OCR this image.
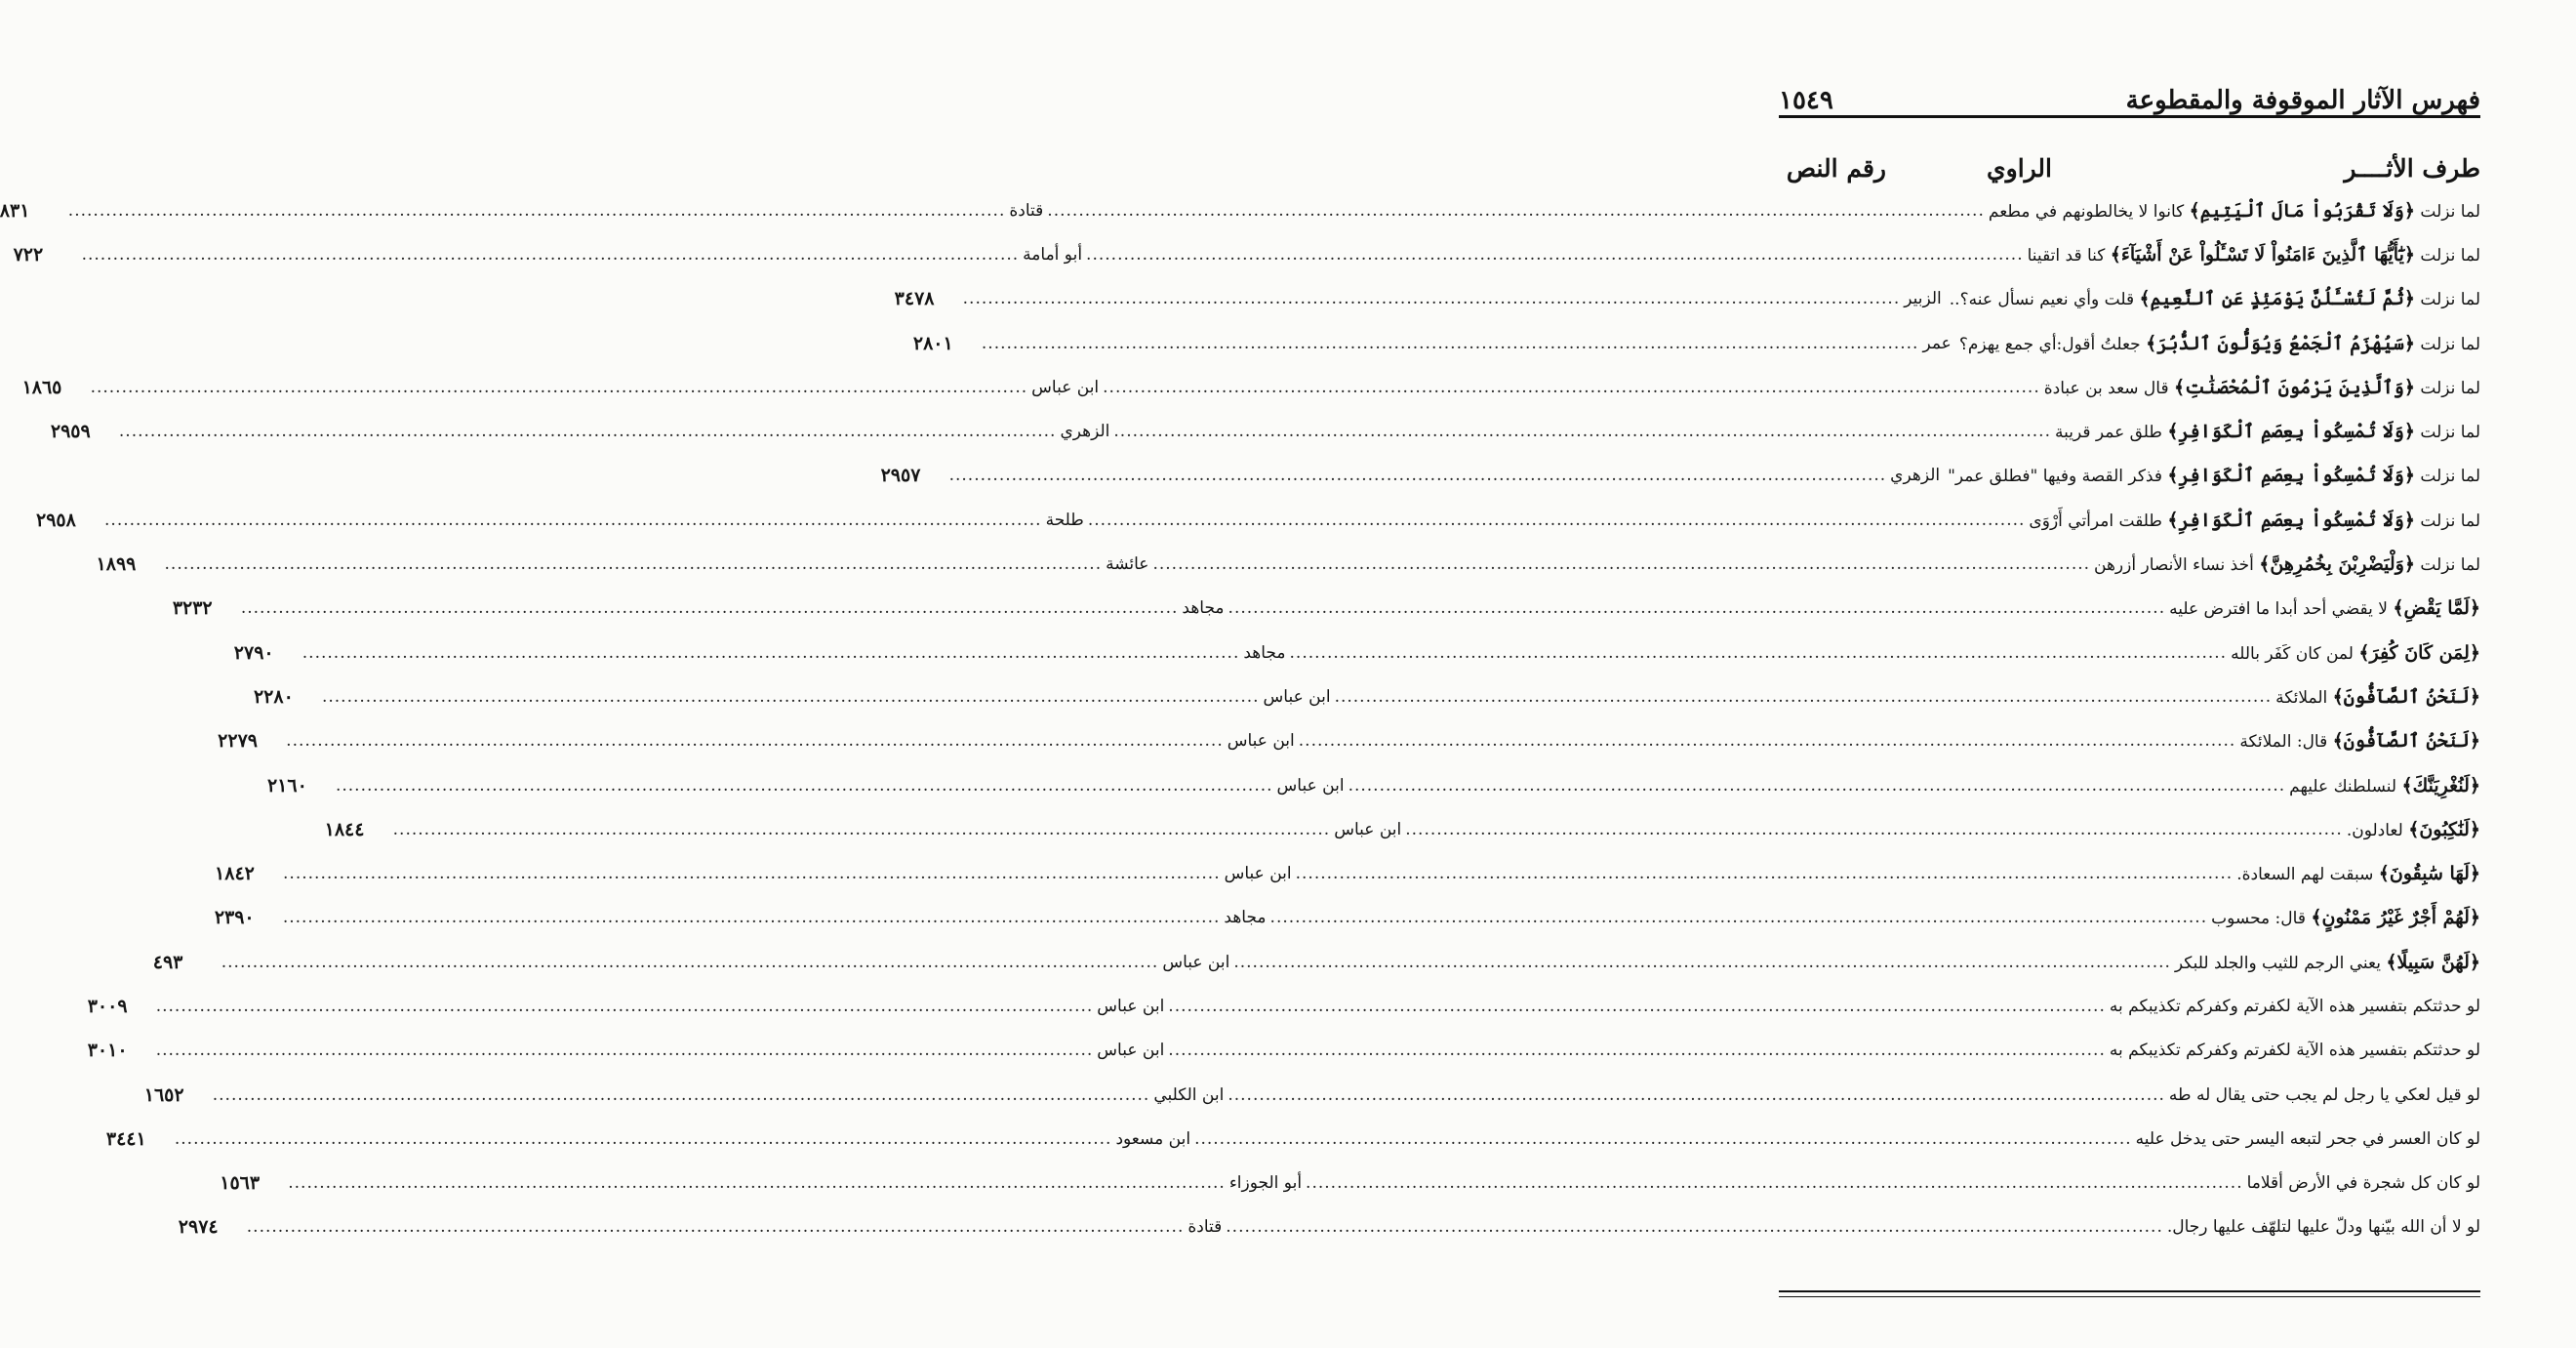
فهرس الآثار الموقوفة والمقطوعة
١٥٤٩
طرف الأثــــر
الراوي
رقم النص
لما نزلت ﴿وَلَا تَقْرَبُواْ مَالَ ٱلْيَتِيمِ﴾ كانوا لا يخالطونهم في مطعم
.....
قتادة
.....
٨٣١
لما نزلت ﴿يَٰٓأَيُّهَا ٱلَّذِينَ ءَامَنُواْ لَا تَسْـَٔلُواْ عَنْ أَشْيَآءَ﴾ كنا قد اتقينا
.....
أبو أمامة
.....
٧٢٢
لما نزلت ﴿ثُمَّ لَتُسْـَٔلُنَّ يَوْمَئِذٍ عَنِ ٱلنَّعِيمِ﴾ قلت وأي نعيم نسأل عنه؟..
الزبير
.....
٣٤٧٨
لما نزلت ﴿سَيُهْزَمُ ٱلْجَمْعُ وَيُوَلُّونَ ٱلدُّبُرَ﴾ جعلتُ أقول:أي جمع يهزم؟
عمر
.....
٢٨٠١
لما نزلت ﴿وَٱلَّذِينَ يَرْمُونَ ٱلْمُحْصَنَٰتِ﴾ قال سعد بن عبادة
.....
ابن عباس
.....
١٨٦٥
لما نزلت ﴿وَلَا تُمْسِكُواْ بِعِصَمِ ٱلْكَوَافِرِ﴾ طلق عمر قريبة
.....
الزهري
.....
٢٩٥٩
لما نزلت ﴿وَلَا تُمْسِكُواْ بِعِصَمِ ٱلْكَوَافِرِ﴾ فذكر القصة وفيها "فطلق عمر"
الزهري
.....
٢٩٥٧
لما نزلت ﴿وَلَا تُمْسِكُواْ بِعِصَمِ ٱلْكَوَافِرِ﴾ طلقت امرأتي أَرْوَى
.....
طلحة
.....
٢٩٥٨
لما نزلت ﴿وَلْيَضْرِبْنَ بِخُمُرِهِنَّ﴾ أخذ نساء الأنصار أزرهن
.....
عائشة
.....
١٨٩٩
﴿لَمَّا يَقْضِ﴾ لا يقضي أحد أبدا ما افترض عليه
.....
مجاهد
.....
٣٢٣٢
﴿لِمَن كَانَ كُفِرَ﴾ لمن كان كَفَر بالله
.....
مجاهد
.....
٢٧٩٠
﴿لَنَحْنُ ٱلصَّآفُّونَ﴾ الملائكة
.....
ابن عباس
.....
٢٢٨٠
﴿لَنَحْنُ ٱلصَّآفُّونَ﴾ قال: الملائكة
.....
ابن عباس
.....
٢٢٧٩
﴿لَنُغْرِيَنَّكَ﴾ لنسلطنك عليهم
.....
ابن عباس
.....
٢١٦٠
﴿لَنَٰكِبُونَ﴾ لعادلون.
.....
ابن عباس
.....
١٨٤٤
﴿لَهَا سَٰبِقُونَ﴾ سبقت لهم السعادة.
.....
ابن عباس
.....
١٨٤٢
﴿لَهُمْ أَجْرٌ غَيْرُ مَمْنُونٍ﴾ قال: محسوب
.....
مجاهد
.....
٢٣٩٠
﴿لَهُنَّ سَبِيلًا﴾ يعني الرجم للثيب والجلد للبكر
.....
ابن عباس
.....
٤٩٣
لو حدثتكم بتفسير هذه الآية لكفرتم وكفركم تكذيبكم به
.....
ابن عباس
.....
٣٠٠٩
لو حدثتكم بتفسير هذه الآية لكفرتم وكفركم تكذيبكم به
.....
ابن عباس
.....
٣٠١٠
لو قيل لعكي يا رجل لم يجب حتى يقال له طه
.....
ابن الكلبي
.....
١٦٥٢
لو كان العسر في جحر لتبعه اليسر حتى يدخل عليه
.....
ابن مسعود
.....
٣٤٤١
لو كان كل شجرة في الأرض أقلاما
.....
أبو الجوزاء
.....
١٥٦٣
لو لا أن الله بيّنها ودلّ عليها لتلهّف عليها رجال.
.....
قتادة
.....
٢٩٧٤
